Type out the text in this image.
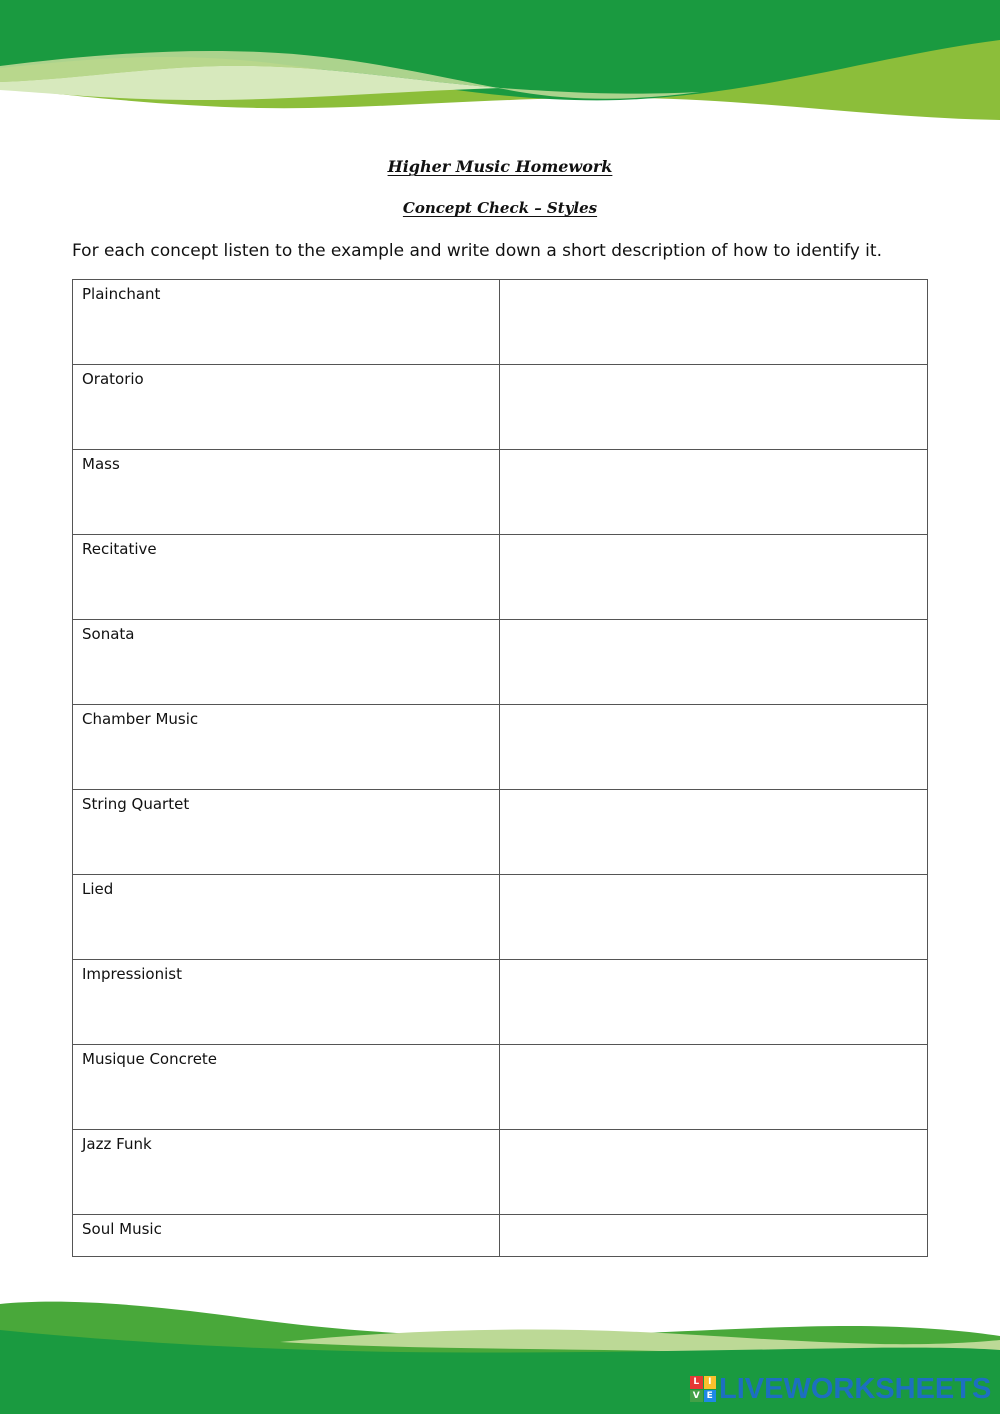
Higher Music Homework
Concept Check – Styles
For each concept listen to the example and write down a short description of how to identify it.
Plainchant	
Oratorio	
Mass	
Recitative	
Sonata	
Chamber Music	
String Quartet	
Lied	
Impressionist	
Musique Concrete	
Jazz Funk	
Soul Music	
L I
V E LIVEWORKSHEETS
